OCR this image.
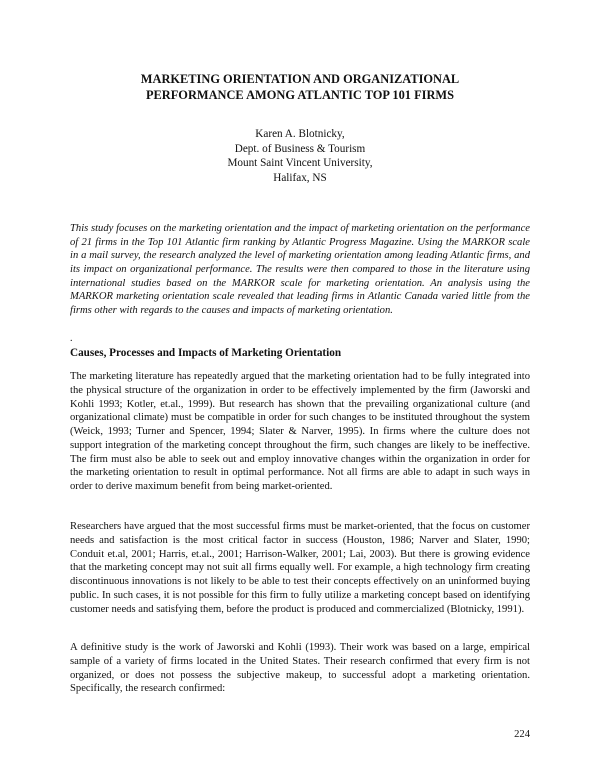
MARKETING ORIENTATION AND ORGANIZATIONAL
PERFORMANCE AMONG ATLANTIC TOP 101 FIRMS
Karen A. Blotnicky,
Dept. of Business & Tourism
Mount Saint Vincent University,
Halifax, NS

This study focuses on the marketing orientation and the impact of marketing orientation on the performance of 21 firms in the Top 101 Atlantic firm ranking by Atlantic Progress Magazine. Using the MARKOR scale in a mail survey, the research analyzed the level of marketing orientation among leading Atlantic firms, and its impact on organizational performance. The results were then compared to those in the literature using international studies based on the MARKOR scale for marketing orientation. An analysis using the MARKOR marketing orientation scale revealed that leading firms in Atlantic Canada varied little from the firms other with regards to the causes and impacts of marketing orientation.

.
Causes, Processes and Impacts of Marketing Orientation

The marketing literature has repeatedly argued that the marketing orientation had to be fully integrated into the physical structure of the organization in order to be effectively implemented by the firm (Jaworski and Kohli 1993; Kotler, et.al., 1999). But research has shown that the prevailing organizational culture (and organizational climate) must be compatible in order for such changes to be instituted throughout the system (Weick, 1993; Turner and Spencer, 1994; Slater & Narver, 1995). In firms where the culture does not support integration of the marketing concept throughout the firm, such changes are likely to be ineffective. The firm must also be able to seek out and employ innovative changes within the organization in order for the marketing orientation to result in optimal performance. Not all firms are able to adapt in such ways in order to derive maximum benefit from being market-oriented.

Researchers have argued that the most successful firms must be market-oriented, that the focus on customer needs and satisfaction is the most critical factor in success (Houston, 1986; Narver and Slater, 1990; Conduit et.al, 2001; Harris, et.al., 2001; Harrison-Walker, 2001; Lai, 2003). But there is growing evidence that the marketing concept may not suit all firms equally well. For example, a high technology firm creating discontinuous innovations is not likely to be able to test their concepts effectively on an uninformed buying public. In such cases, it is not possible for this firm to fully utilize a marketing concept based on identifying customer needs and satisfying them, before the product is produced and commercialized (Blotnicky, 1991).

A definitive study is the work of Jaworski and Kohli (1993). Their work was based on a large, empirical sample of a variety of firms located in the United States. Their research confirmed that every firm is not organized, or does not possess the subjective makeup, to successful adopt a marketing orientation. Specifically, the research confirmed:

224
